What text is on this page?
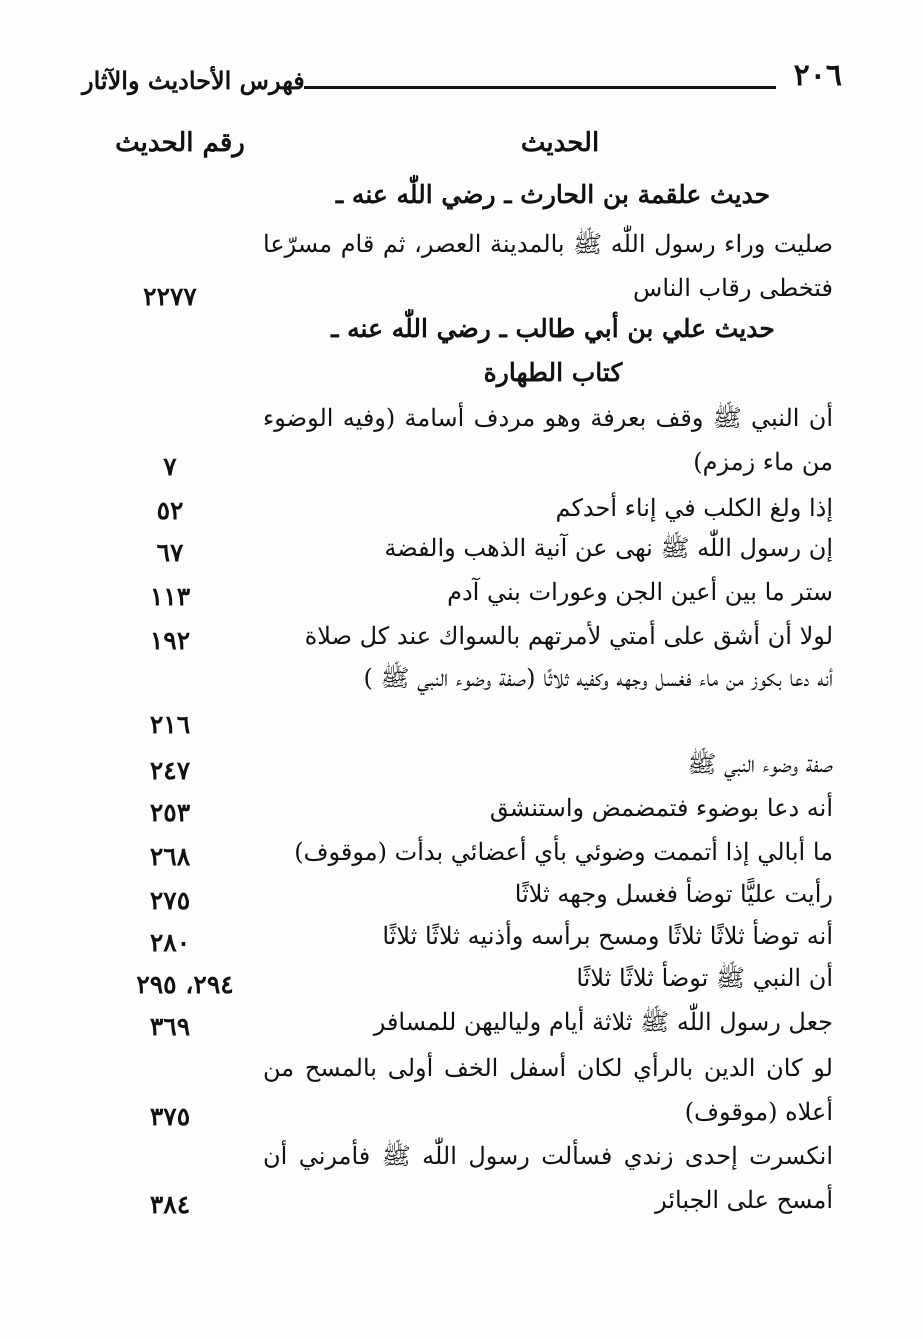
٢٠٦
فهرس الأحاديث والآثار
الحديث
رقم الحديث
حديث علقمة بن الحارث ـ رضي اللّٰه عنه ـ
صليت وراء رسول اللّٰه ﷺ بالمدينة العصر، ثم قام مسرّعا فتخطى رقاب الناس
٢٢٧٧
حديث علي بن أبي طالب ـ رضي اللّٰه عنه ـ
كتاب الطهارة
أن النبي ﷺ وقف بعرفة وهو مردف أسامة (وفيه الوضوء من ماء زمزم)
٧
إذا ولغ الكلب في إناء أحدكم
٥٢
إن رسول اللّٰه ﷺ نهى عن آنية الذهب والفضة
٦٧
ستر ما بين أعين الجن وعورات بني آدم
١١٣
لولا أن أشق على أمتي لأمرتهم بالسواك عند كل صلاة
١٩٢
أنه دعا بكوز من ماء فغسل وجهه وكفيه ثلاثًا (صفة وضوء النبي ﷺ )
٢١٦
صفة وضوء النبي ﷺ
٢٤٧
أنه دعا بوضوء فتمضمض واستنشق
٢٥٣
ما أبالي إذا أتممت وضوئي بأي أعضائي بدأت (موقوف)
٢٦٨
رأيت عليًّا توضأ فغسل وجهه ثلاثًا
٢٧٥
أنه توضأ ثلاثًا ثلاثًا ومسح برأسه وأذنيه ثلاثًا ثلاثًا
٢٨٠
أن النبي ﷺ توضأ ثلاثًا ثلاثًا
٢٩٤، ٢٩٥
جعل رسول اللّٰه ﷺ ثلاثة أيام ولياليهن للمسافر
٣٦٩
لو كان الدين بالرأي لكان أسفل الخف أولى بالمسح من أعلاه (موقوف)
٣٧٥
انكسرت إحدى زندي فسألت رسول اللّٰه ﷺ فأمرني أن أمسح على الجبائر
٣٨٤
